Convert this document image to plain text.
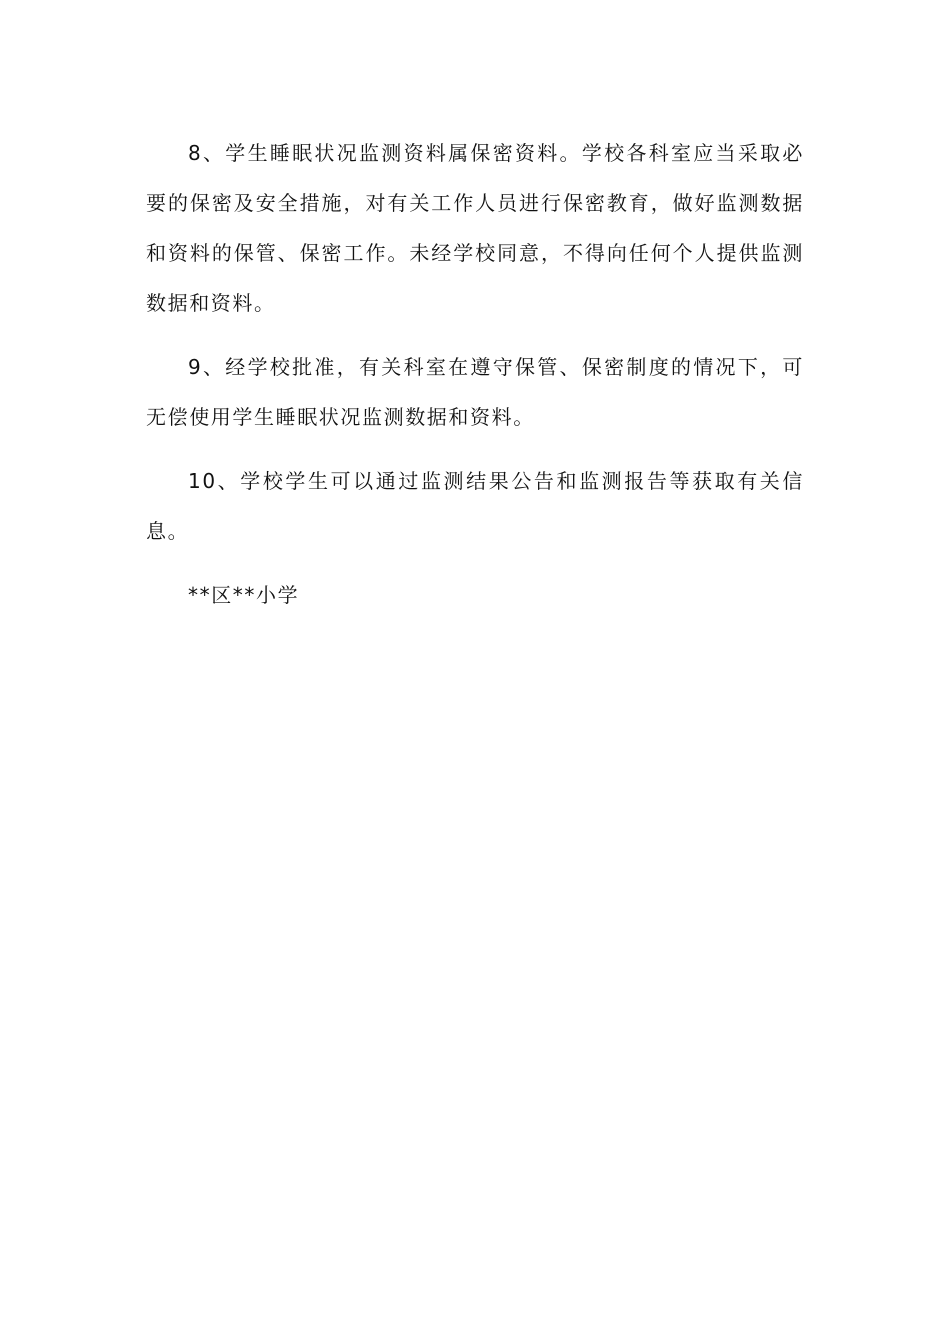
8、学生睡眠状况监测资料属保密资料。学校各科室应当采取必要的保密及安全措施，对有关工作人员进行保密教育，做好监测数据和资料的保管、保密工作。未经学校同意，不得向任何个人提供监测数据和资料。

9、经学校批准，有关科室在遵守保管、保密制度的情况下，可无偿使用学生睡眠状况监测数据和资料。

10、学校学生可以通过监测结果公告和监测报告等获取有关信息。

**区**小学
